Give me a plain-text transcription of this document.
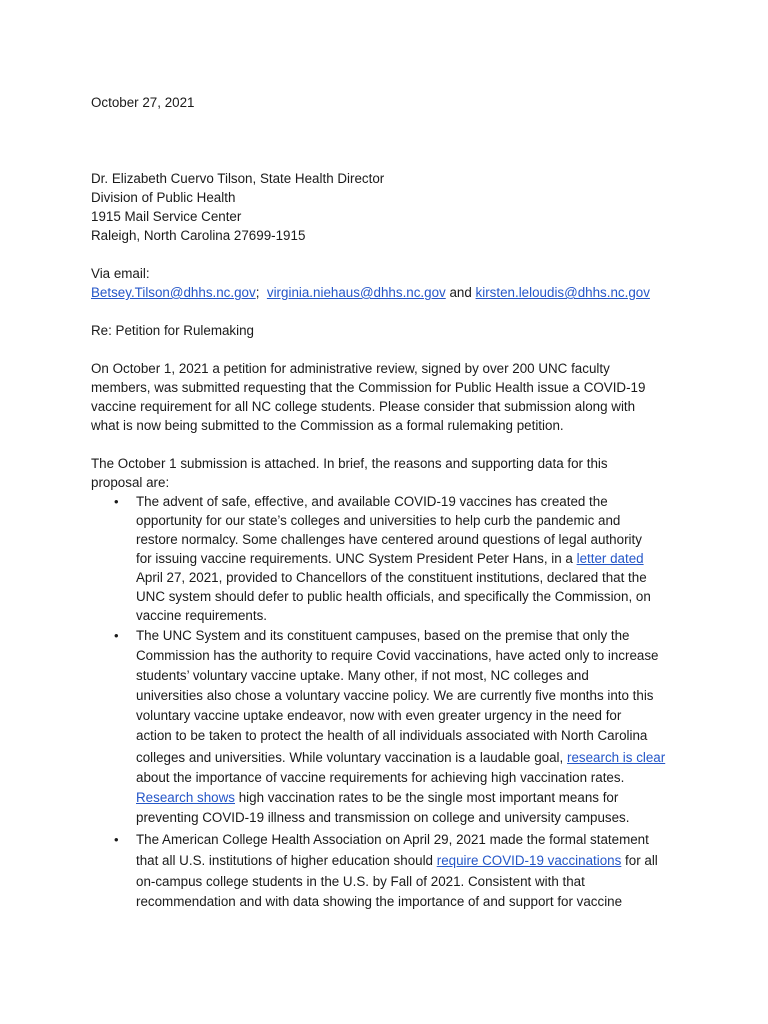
October 27, 2021
Dr. Elizabeth Cuervo Tilson, State Health Director
Division of Public Health
1915 Mail Service Center
Raleigh, North Carolina 27699-1915
Via email:
Betsey.Tilson@dhhs.nc.gov; virginia.niehaus@dhhs.nc.gov and kirsten.leloudis@dhhs.nc.gov
Re: Petition for Rulemaking
On October 1, 2021 a petition for administrative review, signed by over 200 UNC faculty
members, was submitted requesting that the Commission for Public Health issue a COVID-19
vaccine requirement for all NC college students. Please consider that submission along with
what is now being submitted to the Commission as a formal rulemaking petition.
The October 1 submission is attached. In brief, the reasons and supporting data for this
proposal are:
• The advent of safe, effective, and available COVID-19 vaccines has created the
opportunity for our state’s colleges and universities to help curb the pandemic and
restore normalcy. Some challenges have centered around questions of legal authority
for issuing vaccine requirements. UNC System President Peter Hans, in a letter dated
April 27, 2021, provided to Chancellors of the constituent institutions, declared that the
UNC system should defer to public health officials, and specifically the Commission, on
vaccine requirements.
• The UNC System and its constituent campuses, based on the premise that only the
Commission has the authority to require Covid vaccinations, have acted only to increase
students’ voluntary vaccine uptake. Many other, if not most, NC colleges and
universities also chose a voluntary vaccine policy. We are currently five months into this
voluntary vaccine uptake endeavor, now with even greater urgency in the need for
action to be taken to protect the health of all individuals associated with North Carolina
colleges and universities. While voluntary vaccination is a laudable goal, research is clear
about the importance of vaccine requirements for achieving high vaccination rates.
Research shows high vaccination rates to be the single most important means for
preventing COVID-19 illness and transmission on college and university campuses.
• The American College Health Association on April 29, 2021 made the formal statement
that all U.S. institutions of higher education should require COVID-19 vaccinations for all
on-campus college students in the U.S. by Fall of 2021. Consistent with that
recommendation and with data showing the importance of and support for vaccine
